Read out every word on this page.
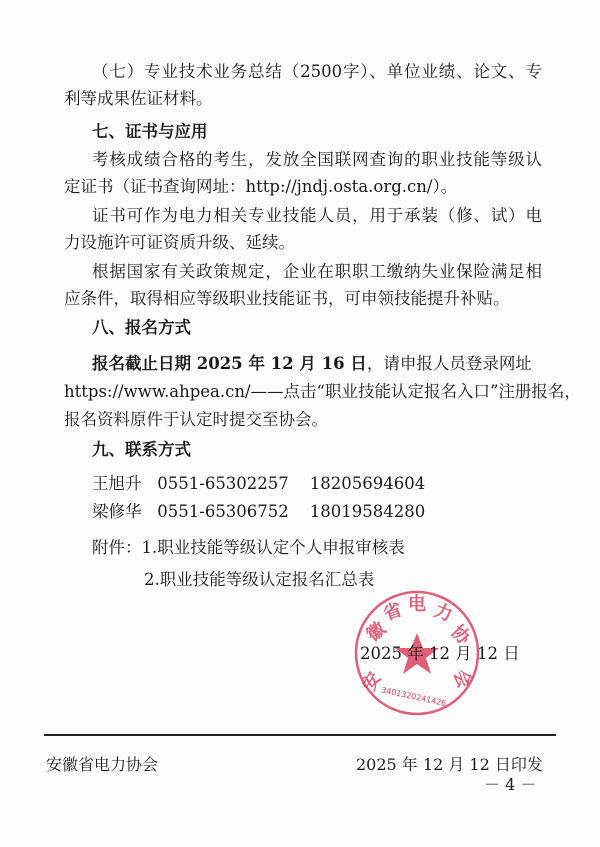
（七）专业技术业务总结（2500字）、单位业绩、论文、专
利等成果佐证材料。
七、证书与应用
考核成绩合格的考生，发放全国联网查询的职业技能等级认
定证书（证书查询网址：http://jndj.osta.org.cn/）。
证书可作为电力相关专业技能人员，用于承装（修、试）电
力设施许可证资质升级、延续。
根据国家有关政策规定，企业在职职工缴纳失业保险满足相
应条件，取得相应等级职业技能证书，可申领技能提升补贴。
八、报名方式
报名截止日期 2025 年 12 月 16 日，请申报人员登录网址
https://www.ahpea.cn/——点击“职业技能认定报名入口”注册报名，
报名资料原件于认定时提交至协会。
九、联系方式
王旭升 0551-65302257 18205694604
梁修华 0551-65306752 18019584280
附件：1.职业技能等级认定个人申报审核表
2.职业技能等级认定报名汇总表
安
徽
省 电 力
协
会
3401320241426
2025 年 12 月 12 日
安徽省电力协会	2025 年 12 月 12 日印发
－ 4 －
